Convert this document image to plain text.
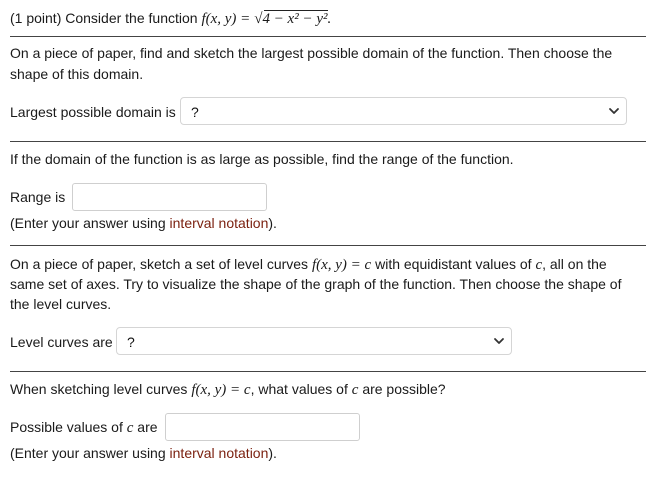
(1 point) Consider the function f(x, y) = √
4 − x² − y².
On a piece of paper, find and sketch the largest possible domain of the function. Then choose the
shape of this domain.
Largest possible domain is ?
If the domain of the function is as large as possible, find the range of the function.
Range is
(Enter your answer using interval notation).
On a piece of paper, sketch a set of level curves f(x, y) = c with equidistant values of c, all on the
same set of axes. Try to visualize the shape of the graph of the function. Then choose the shape of
the level curves.
Level curves are ?
When sketching level curves f(x, y) = c, what values of c are possible?
Possible values of c are
(Enter your answer using interval notation).
